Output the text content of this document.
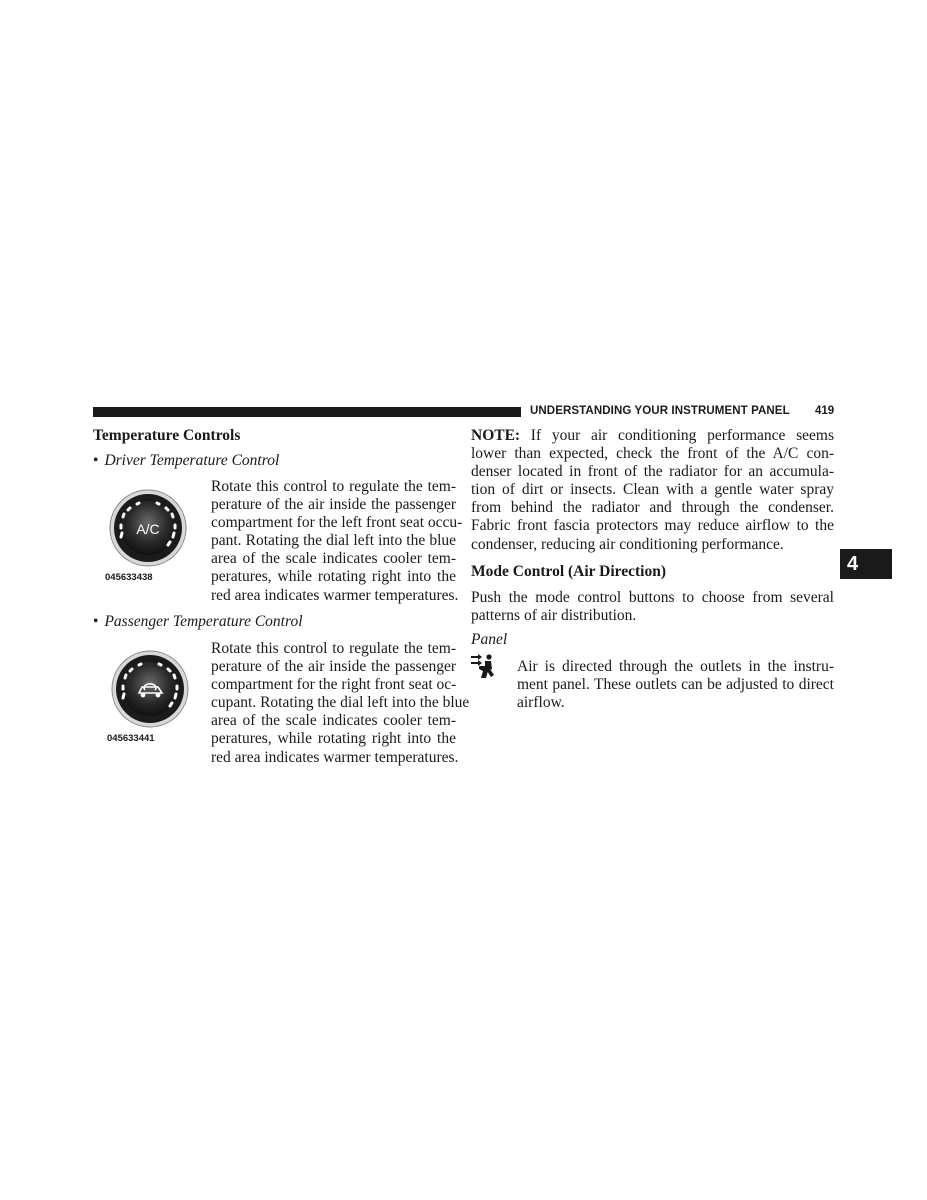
UNDERSTANDING YOUR INSTRUMENT PANEL 419
4
Temperature Controls
• Driver Temperature Control
A/C
045633438
Rotate this control to regulate the tem-
perature of the air inside the passenger
compartment for the left front seat occu-
pant. Rotating the dial left into the blue
area of the scale indicates cooler tem-
peratures, while rotating right into the
red area indicates warmer temperatures.
• Passenger Temperature Control
045633441
Rotate this control to regulate the tem-
perature of the air inside the passenger
compartment for the right front seat oc-
cupant. Rotating the dial left into the blue
area of the scale indicates cooler tem-
peratures, while rotating right into the
red area indicates warmer temperatures.
NOTE: If your air conditioning performance seems
lower than expected, check the front of the A/C con-
denser located in front of the radiator for an accumula-
tion of dirt or insects. Clean with a gentle water spray
from behind the radiator and through the condenser.
Fabric front fascia protectors may reduce airflow to the
condenser, reducing air conditioning performance.
Mode Control (Air Direction)
Push the mode control buttons to choose from several
patterns of air distribution.
Panel
Air is directed through the outlets in the instru-
ment panel. These outlets can be adjusted to direct
airflow.
